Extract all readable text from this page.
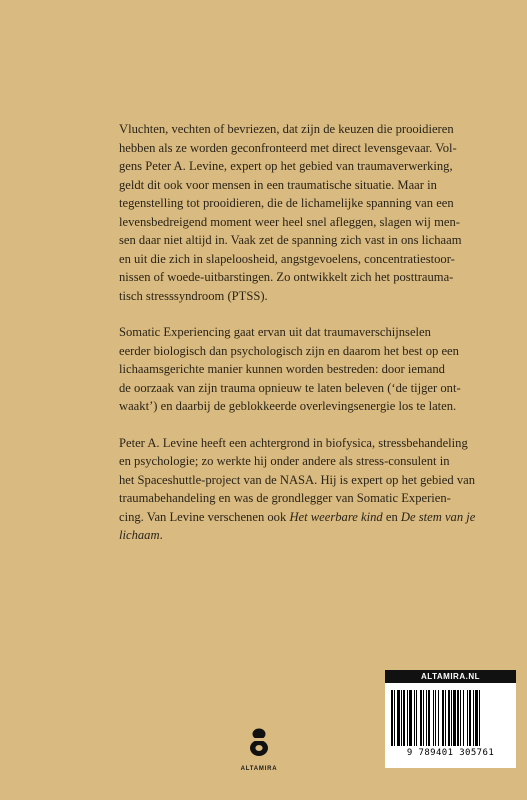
Vluchten, vechten of bevriezen, dat zijn de keuzen die prooidieren
hebben als ze worden geconfronteerd met direct levensgevaar. Vol-
gens Peter A. Levine, expert op het gebied van traumaverwerking,
geldt dit ook voor mensen in een traumatische situatie. Maar in
tegenstelling tot prooidieren, die de lichamelijke spanning van een
levensbedreigend moment weer heel snel afleggen, slagen wij men-
sen daar niet altijd in. Vaak zet de spanning zich vast in ons lichaam
en uit die zich in slapeloosheid, angstgevoelens, concentratiestoor-
nissen of woede-uitbarstingen. Zo ontwikkelt zich het posttrauma-
tisch stresssyndroom (PTSS).

Somatic Experiencing gaat ervan uit dat traumaverschijnselen
eerder biologisch dan psychologisch zijn en daarom het best op een
lichaamsgerichte manier kunnen worden bestreden: door iemand
de oorzaak van zijn trauma opnieuw te laten beleven (‘de tijger ont-
waakt’) en daarbij de geblokkeerde overlevingsenergie los te laten.

Peter A. Levine heeft een achtergrond in biofysica, stressbehandeling
en psychologie; zo werkte hij onder andere als stress-consulent in
het Spaceshuttle-project van de NASA. Hij is expert op het gebied van
traumabehandeling en was de grondlegger van Somatic Experien-
cing. Van Levine verschenen ook Het weerbare kind en De stem van je
lichaam.

ALTAMIRA
ALTAMIRA.NL
9 789401 305761
